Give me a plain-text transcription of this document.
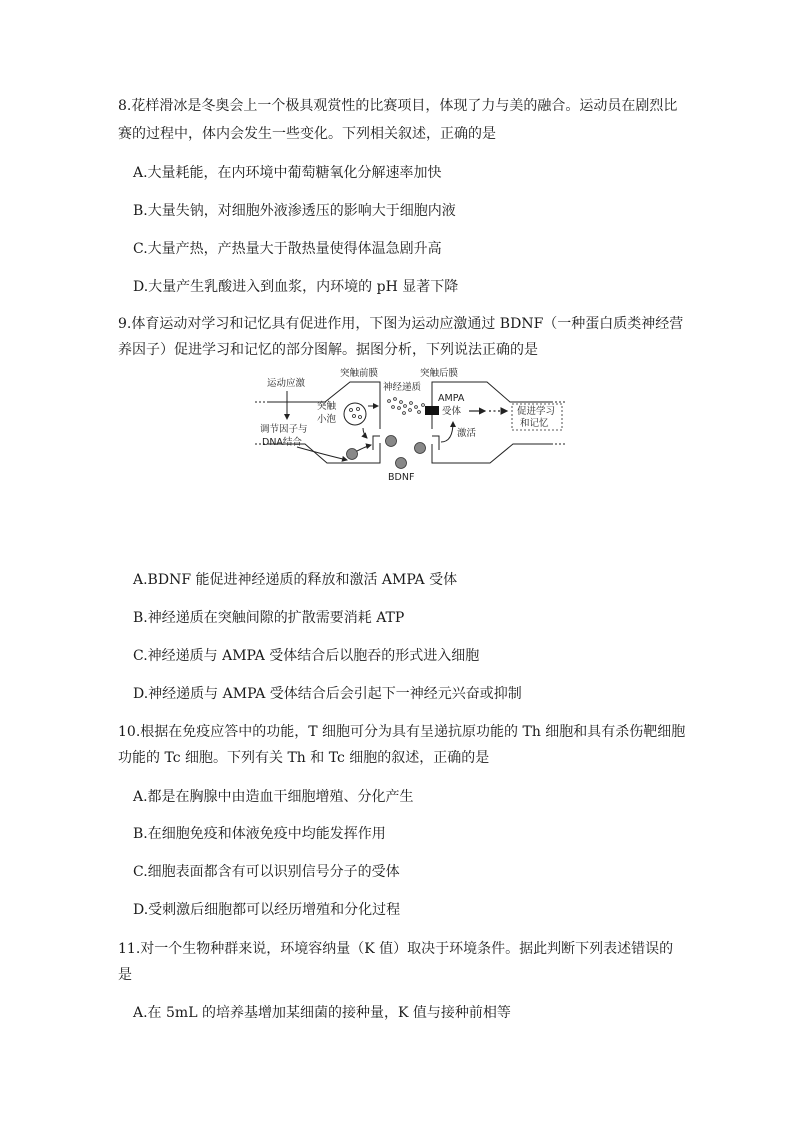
8.花样滑冰是冬奥会上一个极具观赏性的比赛项目，体现了力与美的融合。运动员在剧烈比
赛的过程中，体内会发生一些变化。下列相关叙述，正确的是
A.大量耗能，在内环境中葡萄糖氧化分解速率加快
B.大量失钠，对细胞外液渗透压的影响大于细胞内液
C.大量产热，产热量大于散热量使得体温急剧升高
D.大量产生乳酸进入到血浆，内环境的 pH 显著下降
9.体育运动对学习和记忆具有促进作用，下图为运动应激通过 BDNF（一种蛋白质类神经营
养因子）促进学习和记忆的部分图解。据图分析，下列说法正确的是
运动应激
突触前膜	突触后膜
突触
小泡
神经递质
AMPA
受体	促进学习
和记忆
调节因子与
DNA结合
激活
BDNF
A.BDNF 能促进神经递质的释放和激活 AMPA 受体
B.神经递质在突触间隙的扩散需要消耗 ATP
C.神经递质与 AMPA 受体结合后以胞吞的形式进入细胞
D.神经递质与 AMPA 受体结合后会引起下一神经元兴奋或抑制
10.根据在免疫应答中的功能，T 细胞可分为具有呈递抗原功能的 Th 细胞和具有杀伤靶细胞
功能的 Tc 细胞。下列有关 Th 和 Tc 细胞的叙述，正确的是
A.都是在胸腺中由造血干细胞增殖、分化产生
B.在细胞免疫和体液免疫中均能发挥作用
C.细胞表面都含有可以识别信号分子的受体
D.受刺激后细胞都可以经历增殖和分化过程
11.对一个生物种群来说，环境容纳量（K 值）取决于环境条件。据此判断下列表述错误的
是
A.在 5mL 的培养基增加某细菌的接种量，K 值与接种前相等
